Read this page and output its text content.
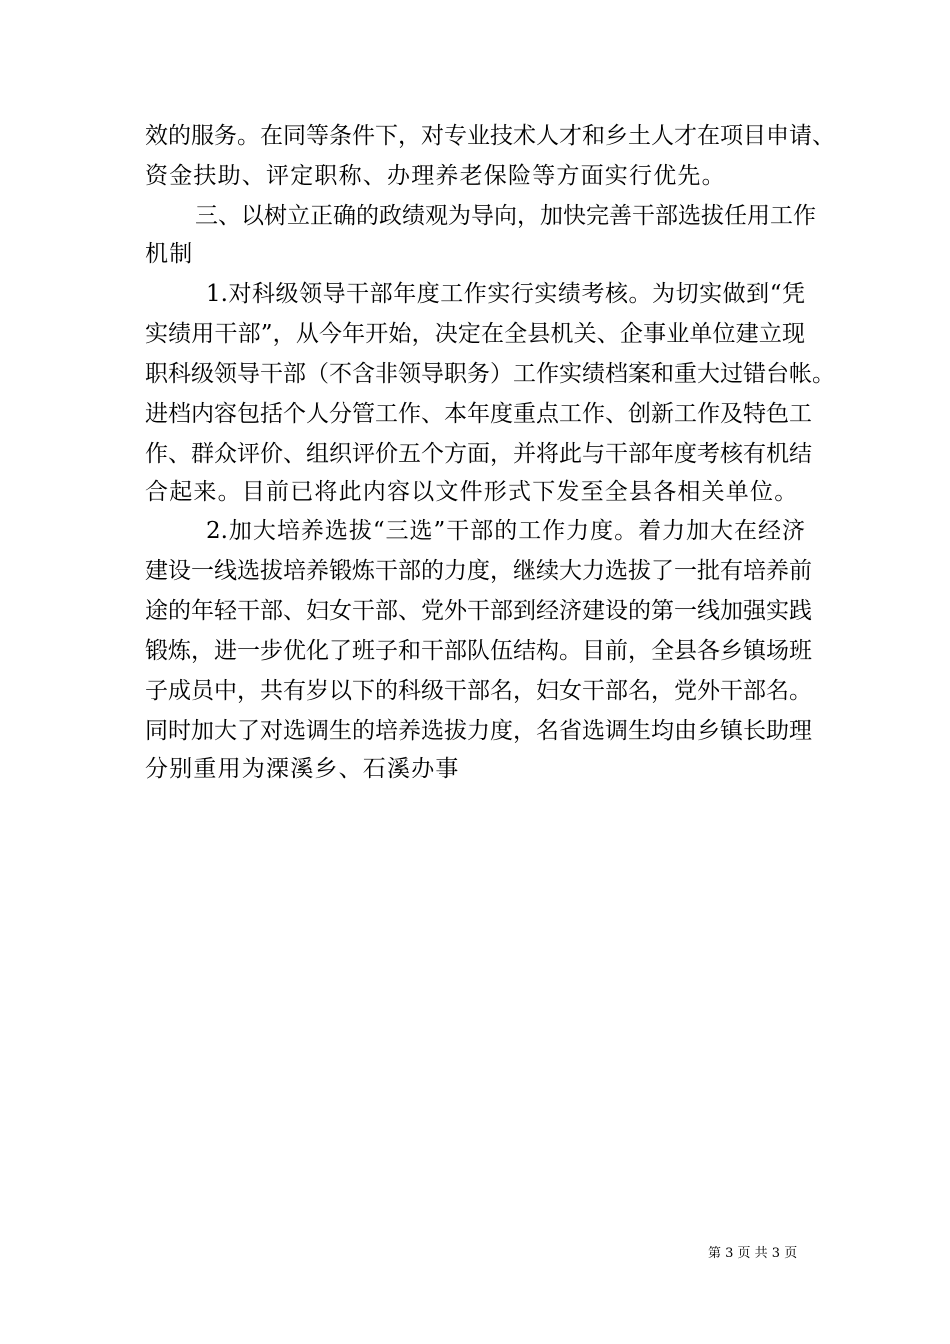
效的服务。在同等条件下，对专业技术人才和乡土人才在项目申请、

资金扶助、评定职称、办理养老保险等方面实行优先。

三、以树立正确的政绩观为导向，加快完善干部选拔任用工作

机制

1.对科级领导干部年度工作实行实绩考核。为切实做到“凭

实绩用干部”，从今年开始，决定在全县机关、企事业单位建立现

职科级领导干部（不含非领导职务）工作实绩档案和重大过错台帐。

进档内容包括个人分管工作、本年度重点工作、创新工作及特色工

作、群众评价、组织评价五个方面，并将此与干部年度考核有机结

合起来。目前已将此内容以文件形式下发至全县各相关单位。

2.加大培养选拔“三选”干部的工作力度。着力加大在经济

建设一线选拔培养锻炼干部的力度，继续大力选拔了一批有培养前

途的年轻干部、妇女干部、党外干部到经济建设的第一线加强实践

锻炼，进一步优化了班子和干部队伍结构。目前，全县各乡镇场班

子成员中，共有岁以下的科级干部名，妇女干部名，党外干部名。

同时加大了对选调生的培养选拔力度，名省选调生均由乡镇长助理

分别重用为溧溪乡、石溪办事

第 3 页 共 3 页
